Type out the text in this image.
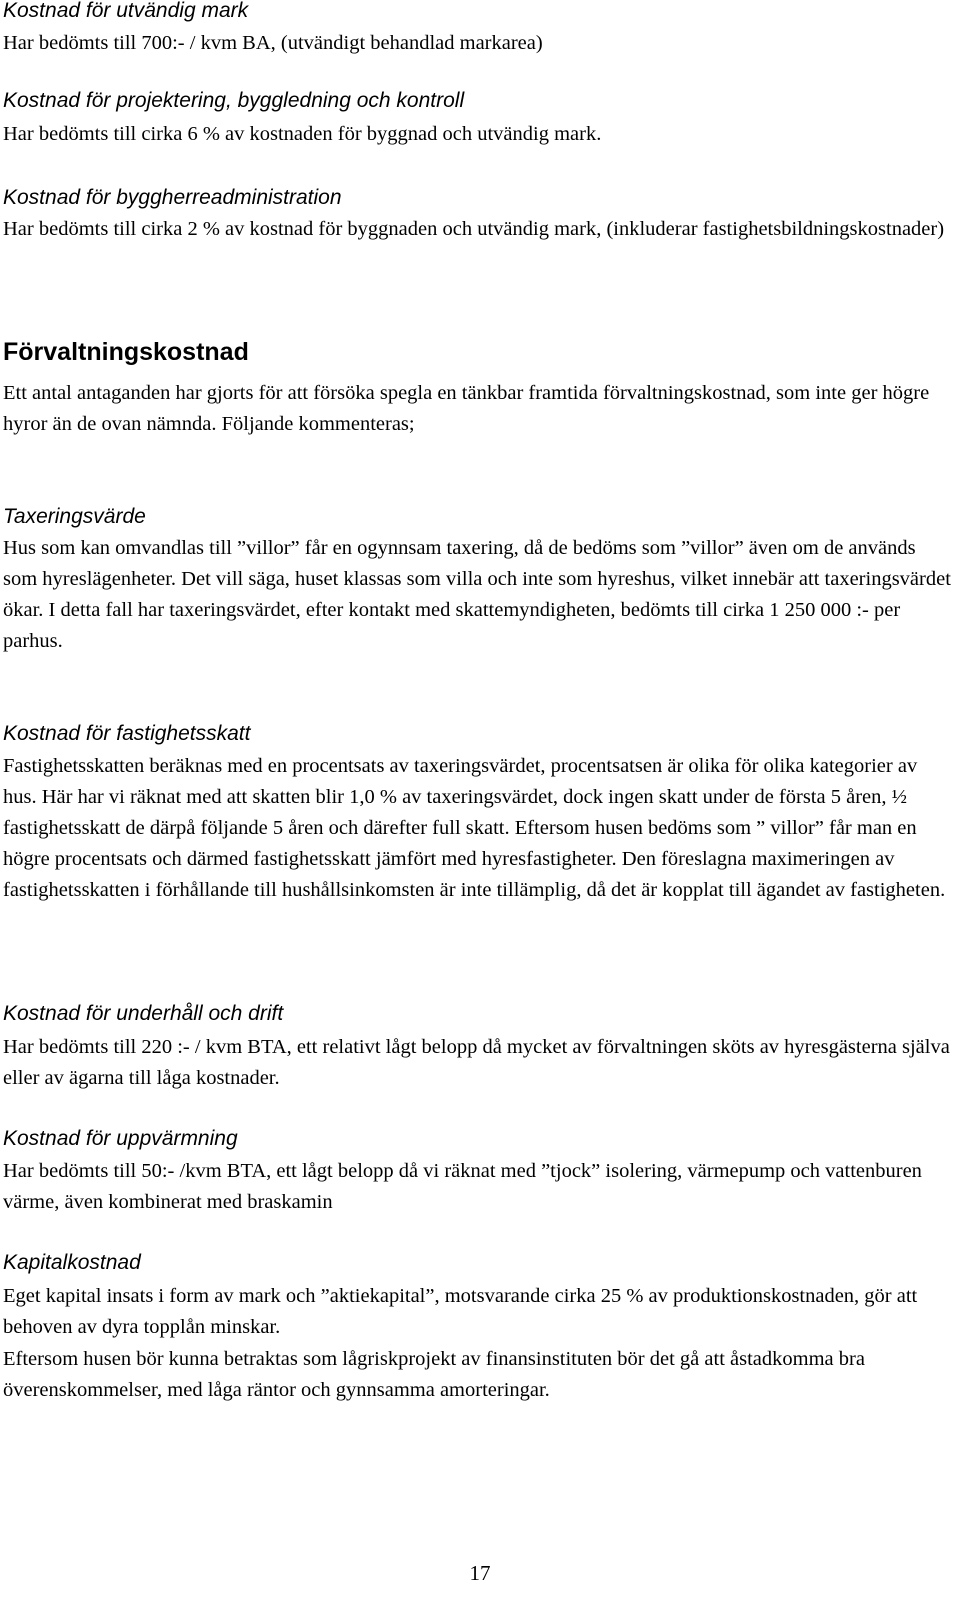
Kostnad för utvändig mark

Har bedömts till 700:- / kvm BA, (utvändigt behandlad markarea)

Kostnad för projektering, byggledning och kontroll

Har bedömts till cirka 6 % av kostnaden för byggnad och utvändig mark.

Kostnad för byggherreadministration

Har bedömts till cirka 2 % av kostnad för byggnaden och utvändig mark, (inkluderar fastighetsbildningskostnader)

Förvaltningskostnad

Ett antal antaganden har gjorts för att försöka spegla en tänkbar framtida förvaltningskostnad, som inte ger högre hyror än de ovan nämnda. Följande kommenteras;

Taxeringsvärde

Hus som kan omvandlas till ”villor” får en ogynnsam taxering, då de bedöms som ”villor” även om de används som hyreslägenheter. Det vill säga, huset klassas som villa och inte som hyreshus, vilket innebär att taxeringsvärdet ökar. I detta fall har taxeringsvärdet, efter kontakt med skattemyndigheten, bedömts till cirka 1 250 000 :- per parhus.

Kostnad för fastighetsskatt

Fastighetsskatten beräknas med en procentsats av taxeringsvärdet, procentsatsen är olika för olika kategorier av hus. Här har vi räknat med att skatten blir 1,0 % av taxeringsvärdet, dock ingen skatt under de första 5 åren, ½ fastighetsskatt de därpå följande 5 åren och därefter full skatt. Eftersom husen bedöms som ” villor” får man en högre procentsats och därmed fastighetsskatt jämfört med hyresfastigheter. Den föreslagna maximeringen av fastighetsskatten i förhållande till hushållsinkomsten är inte tillämplig, då det är kopplat till ägandet av fastigheten.

Kostnad för underhåll och drift

Har bedömts till 220 :- / kvm BTA, ett relativt lågt belopp då mycket av förvaltningen sköts av hyresgästerna själva eller av ägarna till låga kostnader.

Kostnad för uppvärmning

Har bedömts till 50:- /kvm BTA, ett lågt belopp då vi räknat med ”tjock” isolering, värmepump och vattenburen värme, även kombinerat med braskamin

Kapitalkostnad

Eget kapital insats i form av mark och ”aktiekapital”, motsvarande cirka 25 % av produktionskostnaden, gör att behoven av dyra topplån minskar.

Eftersom husen bör kunna betraktas som lågriskprojekt av finansinstituten bör det gå att åstadkomma bra överenskommelser, med låga räntor och gynnsamma amorteringar.

17
